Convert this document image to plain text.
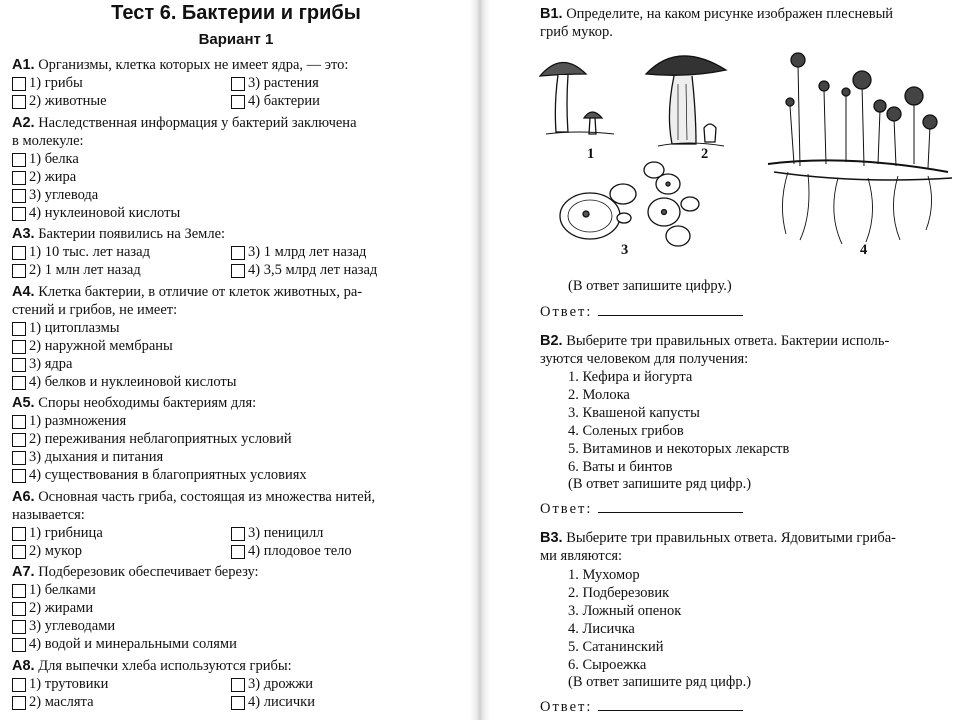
Тест 6. Бактерии и грибы
Вариант 1
А1. Организмы, клетка которых не имеет ядра, — это:
1) грибы	3) растения
2) животные	4) бактерии
А2. Наследственная информация у бактерий заключена
в молекуле:
1) белка
2) жира
3) углевода
4) нуклеиновой кислоты
А3. Бактерии появились на Земле:
1) 10 тыс. лет назад	3) 1 млрд лет назад
2) 1 млн лет назад	4) 3,5 млрд лет назад
А4. Клетка бактерии, в отличие от клеток животных, ра-
стений и грибов, не имеет:
1) цитоплазмы
2) наружной мембраны
3) ядра
4) белков и нуклеиновой кислоты
А5. Споры необходимы бактериям для:
1) размножения
2) переживания неблагоприятных условий
3) дыхания и питания
4) существования в благоприятных условиях
А6. Основная часть гриба, состоящая из множества нитей,
называется:
1) грибница	3) пеницилл
2) мукор	4) плодовое тело
А7. Подберезовик обеспечивает березу:
1) белками
2) жирами
3) углеводами
4) водой и минеральными солями
А8. Для выпечки хлеба используются грибы:
1) трутовики	3) дрожжи
2) маслята	4) лисички
В1. Определите, на каком рисунке изображен плесневый
гриб мукор.
1	2
3	4
(В ответ запишите цифру.)
Ответ:
В2. Выберите три правильных ответа. Бактерии исполь-
зуются человеком для получения:
1. Кефира и йогурта
2. Молока
3. Квашеной капусты
4. Соленых грибов
5. Витаминов и некоторых лекарств
6. Ваты и бинтов
(В ответ запишите ряд цифр.)
Ответ:
В3. Выберите три правильных ответа. Ядовитыми гриба-
ми являются:
1. Мухомор
2. Подберезовик
3. Ложный опенок
4. Лисичка
5. Сатанинский
6. Сыроежка
(В ответ запишите ряд цифр.)
Ответ:
